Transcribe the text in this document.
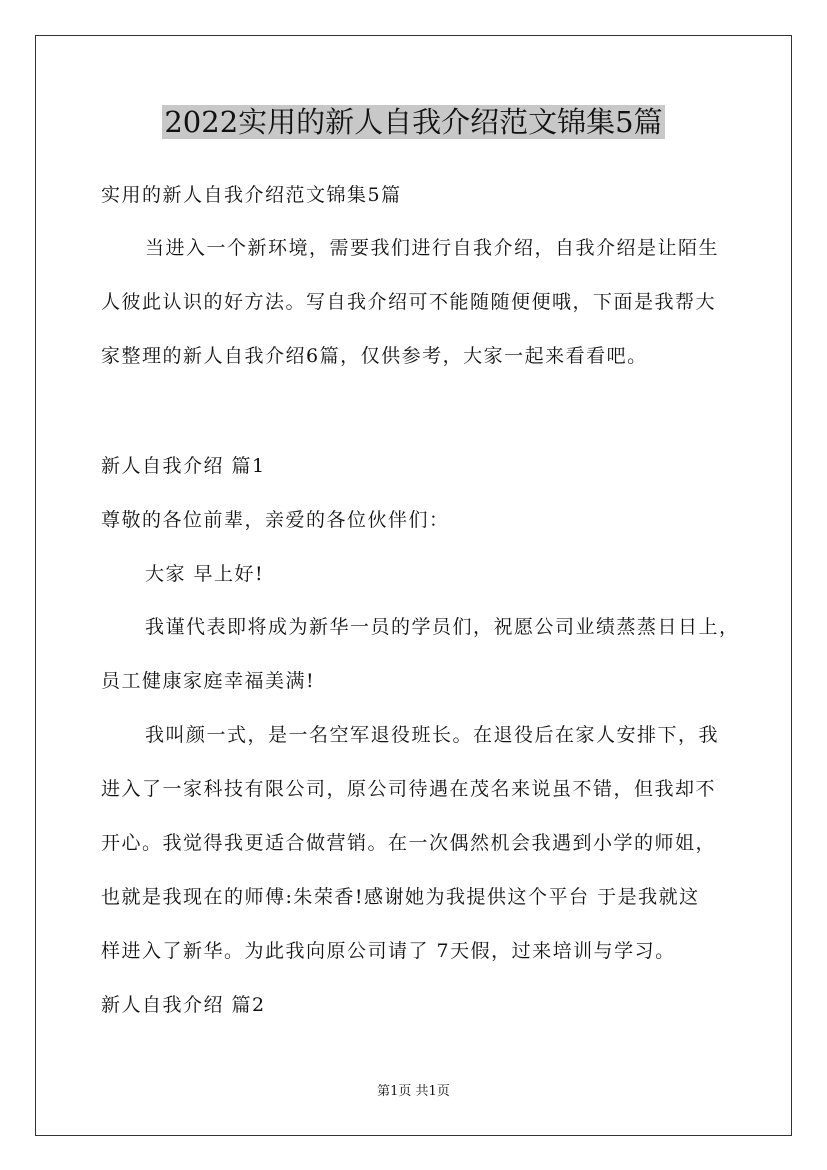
2022实用的新人自我介绍范文锦集5篇
实用的新人自我介绍范文锦集5篇
当进入一个新环境，需要我们进行自我介绍，自我介绍是让陌生
人彼此认识的好方法。写自我介绍可不能随随便便哦，下面是我帮大
家整理的新人自我介绍6篇，仅供参考，大家一起来看看吧。
新人自我介绍 篇1
尊敬的各位前辈，亲爱的各位伙伴们：
大家 早上好!
我谨代表即将成为新华一员的学员们，祝愿公司业绩蒸蒸日日上，
员工健康家庭幸福美满!
我叫颜一式，是一名空军退役班长。在退役后在家人安排下，我
进入了一家科技有限公司，原公司待遇在茂名来说虽不错，但我却不
开心。我觉得我更适合做营销。在一次偶然机会我遇到小学的师姐，
也就是我现在的师傅:朱荣香!感谢她为我提供这个平台 于是我就这
样进入了新华。为此我向原公司请了 7天假，过来培训与学习。
新人自我介绍 篇2
第1页 共1页
